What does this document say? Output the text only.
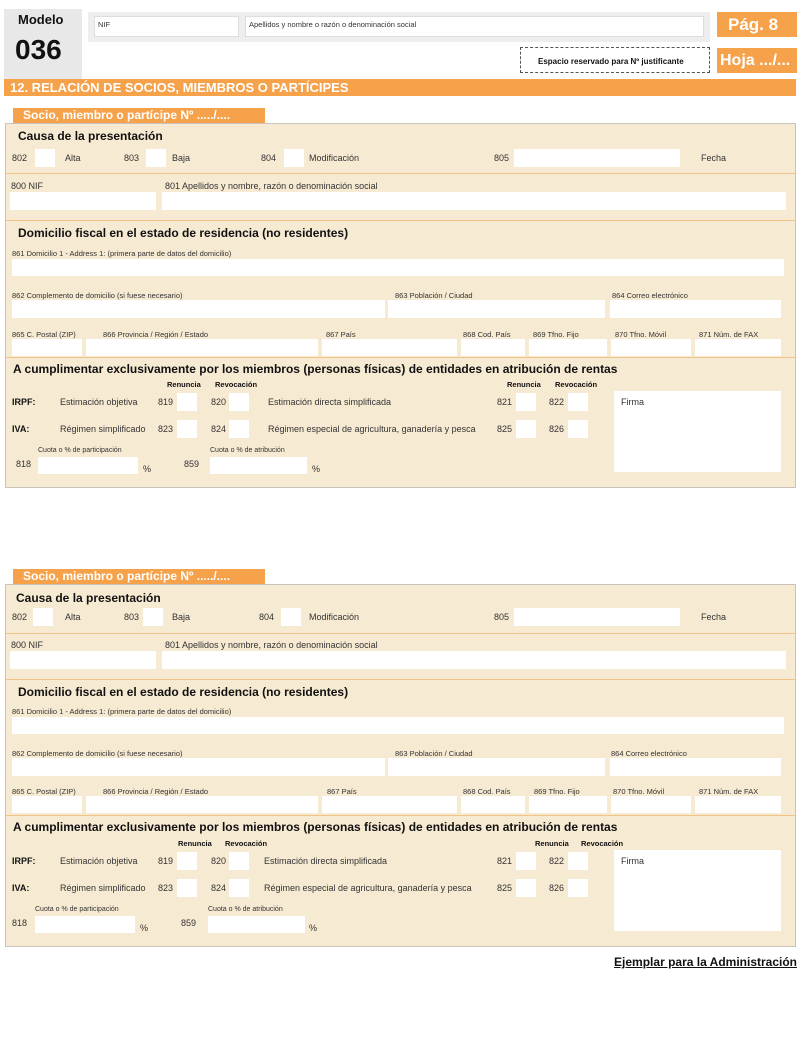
Modelo
036
NIF	Apellidos y nombre o razón o denominación social
Espacio reservado para Nº justificante
Pág. 8
Hoja .../...
12. RELACIÓN DE SOCIOS, MIEMBROS O PARTÍCIPES
Socio, miembro o partícipe Nº ...../....
Causa de la presentación
802	Alta	803	Baja	804	Modificación	805	Fecha
800 NIF	801 Apellidos y nombre, razón o denominación social
Domicilio fiscal en el estado de residencia (no residentes)
861 Domicilio 1 - Address 1: (primera parte de datos del domicilio)
862 Complemento de domicilio (si fuese necesario)	863 Población / Ciudad	864 Correo electrónico
865 C. Postal (ZIP)	866 Provincia / Región / Estado	867 País	868 Cod. País	869 Tfno. Fijo	870 Tfno. Móvil	871 Núm. de FAX
A cumplimentar exclusivamente por los miembros (personas físicas) de entidades en atribución de rentas
Renuncia Revocación	Renuncia Revocación
IRPF:	Estimación objetiva 819	820	Estimación directa simplificada	821	822
IVA:	Régimen simplificado 823	824	Régimen especial de agricultura, ganadería y pesca 825	826
Firma
Cuota o % de participación
818	%
Cuota o % de atribución
859	%
Socio, miembro o partícipe Nº ...../....
Causa de la presentación
802	Alta	803	Baja	804	Modificación	805	Fecha
800 NIF	801 Apellidos y nombre, razón o denominación social
Domicilio fiscal en el estado de residencia (no residentes)
861 Domicilio 1 - Address 1: (primera parte de datos del domicilio)
862 Complemento de domicilio (si fuese necesario)	863 Población / Ciudad	864 Correo electrónico
865 C. Postal (ZIP)	866 Provincia / Región / Estado	867 País	868 Cod. País	869 Tfno. Fijo	870 Tfno. Móvil	871 Núm. de FAX
A cumplimentar exclusivamente por los miembros (personas físicas) de entidades en atribución de rentas
Renuncia Revocación	Renuncia Revocación
IRPF:	Estimación objetiva 819	820	Estimación directa simplificada	821	822
IVA:	Régimen simplificado 823	824	Régimen especial de agricultura, ganadería y pesca	825	826
Firma
Cuota o % de participación
818	%
Cuota o % de atribución
859	%
Ejemplar para la Administración
